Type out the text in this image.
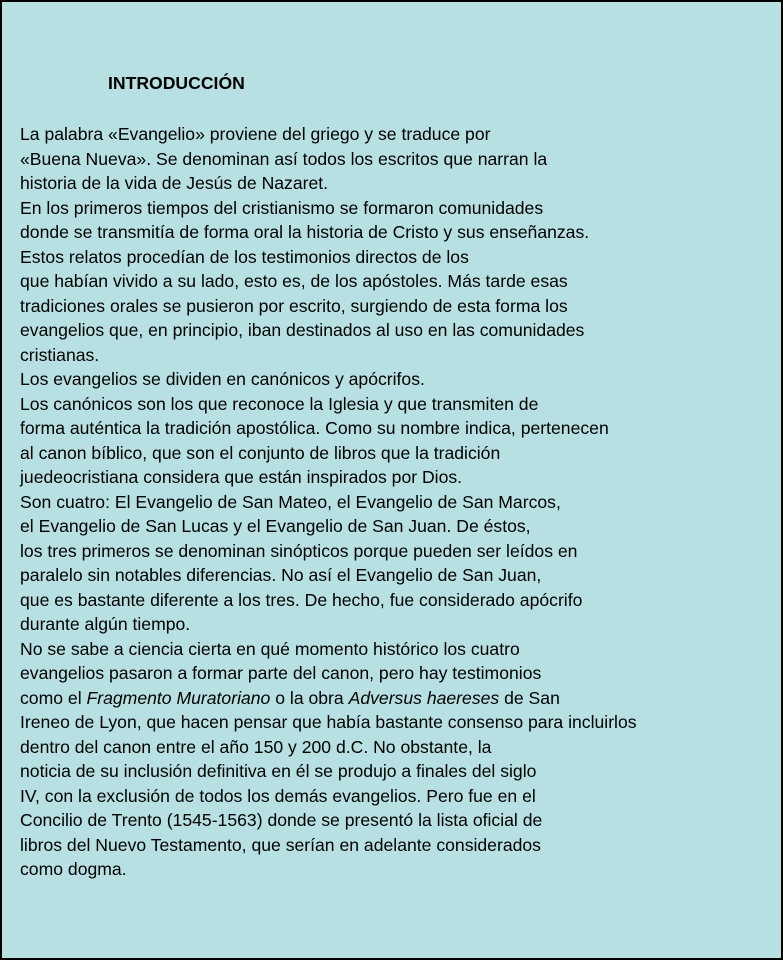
INTRODUCCIÓN
La palabra «Evangelio» proviene del griego y se traduce por
«Buena Nueva». Se denominan así todos los escritos que narran la
historia de la vida de Jesús de Nazaret.
En los primeros tiempos del cristianismo se formaron comunidades
donde se transmitía de forma oral la historia de Cristo y sus enseñanzas.
Estos relatos procedían de los testimonios directos de los
que habían vivido a su lado, esto es, de los apóstoles. Más tarde esas
tradiciones orales se pusieron por escrito, surgiendo de esta forma los
evangelios que, en principio, iban destinados al uso en las comunidades
cristianas.
Los evangelios se dividen en canónicos y apócrifos.
Los canónicos son los que reconoce la Iglesia y que transmiten de
forma auténtica la tradición apostólica. Como su nombre indica, pertenecen
al canon bíblico, que son el conjunto de libros que la tradición
juedeocristiana considera que están inspirados por Dios.
Son cuatro: El Evangelio de San Mateo, el Evangelio de San Marcos,
el Evangelio de San Lucas y el Evangelio de San Juan. De éstos,
los tres primeros se denominan sinópticos porque pueden ser leídos en
paralelo sin notables diferencias. No así el Evangelio de San Juan,
que es bastante diferente a los tres. De hecho, fue considerado apócrifo
durante algún tiempo.
No se sabe a ciencia cierta en qué momento histórico los cuatro
evangelios pasaron a formar parte del canon, pero hay testimonios
como el Fragmento Muratoriano o la obra Adversus haereses de San
Ireneo de Lyon, que hacen pensar que había bastante consenso para incluirlos
dentro del canon entre el año 150 y 200 d.C. No obstante, la
noticia de su inclusión definitiva en él se produjo a finales del siglo
IV, con la exclusión de todos los demás evangelios. Pero fue en el
Concilio de Trento (1545-1563) donde se presentó la lista oficial de
libros del Nuevo Testamento, que serían en adelante considerados
como dogma.
